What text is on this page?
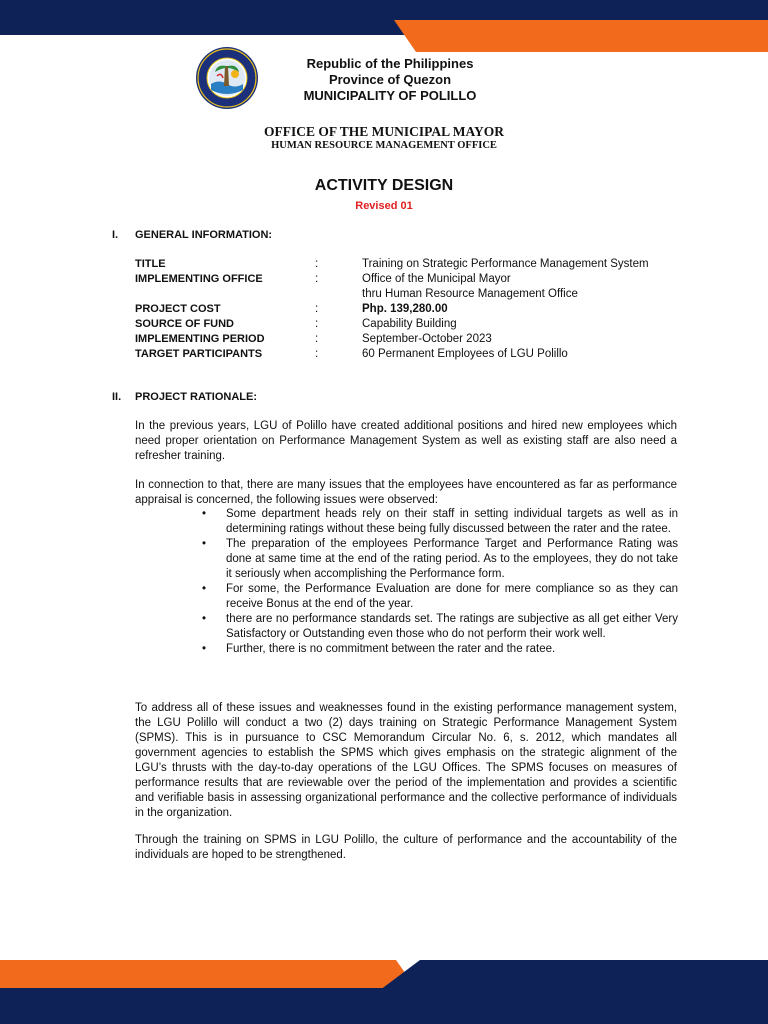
Republic of the Philippines
Province of Quezon
MUNICIPALITY OF POLILLO
OFFICE OF THE MUNICIPAL MAYOR
HUMAN RESOURCE MANAGEMENT OFFICE
ACTIVITY DESIGN
Revised 01
I. GENERAL INFORMATION:
TITLE	:	Training on Strategic Performance Management System
IMPLEMENTING OFFICE	:	Office of the Municipal Mayor
thru Human Resource Management Office
PROJECT COST	:	Php. 139,280.00
SOURCE OF FUND	:	Capability Building
IMPLEMENTING PERIOD	:	September-October 2023
TARGET PARTICIPANTS	:	60 Permanent Employees of LGU Polillo
II. PROJECT RATIONALE:
In the previous years, LGU of Polillo have created additional positions and hired new employees which need proper orientation on Performance Management System as well as existing staff are also need a refresher training.
In connection to that, there are many issues that the employees have encountered as far as performance appraisal is concerned, the following issues were observed:
• Some department heads rely on their staff in setting individual targets as well as in determining ratings without these being fully discussed between the rater and the ratee.
• The preparation of the employees Performance Target and Performance Rating was done at same time at the end of the rating period. As to the employees, they do not take it seriously when accomplishing the Performance form.
• For some, the Performance Evaluation are done for mere compliance so as they can receive Bonus at the end of the year.
• there are no performance standards set. The ratings are subjective as all get either Very Satisfactory or Outstanding even those who do not perform their work well.
• Further, there is no commitment between the rater and the ratee.
To address all of these issues and weaknesses found in the existing performance management system, the LGU Polillo will conduct a two (2) days training on Strategic Performance Management System (SPMS). This is in pursuance to CSC Memorandum Circular No. 6, s. 2012, which mandates all government agencies to establish the SPMS which gives emphasis on the strategic alignment of the LGU’s thrusts with the day-to-day operations of the LGU Offices. The SPMS focuses on measures of performance results that are reviewable over the period of the implementation and provides a scientific and verifiable basis in assessing organizational performance and the collective performance of individuals in the organization.
Through the training on SPMS in LGU Polillo, the culture of performance and the accountability of the individuals are hoped to be strengthened.
